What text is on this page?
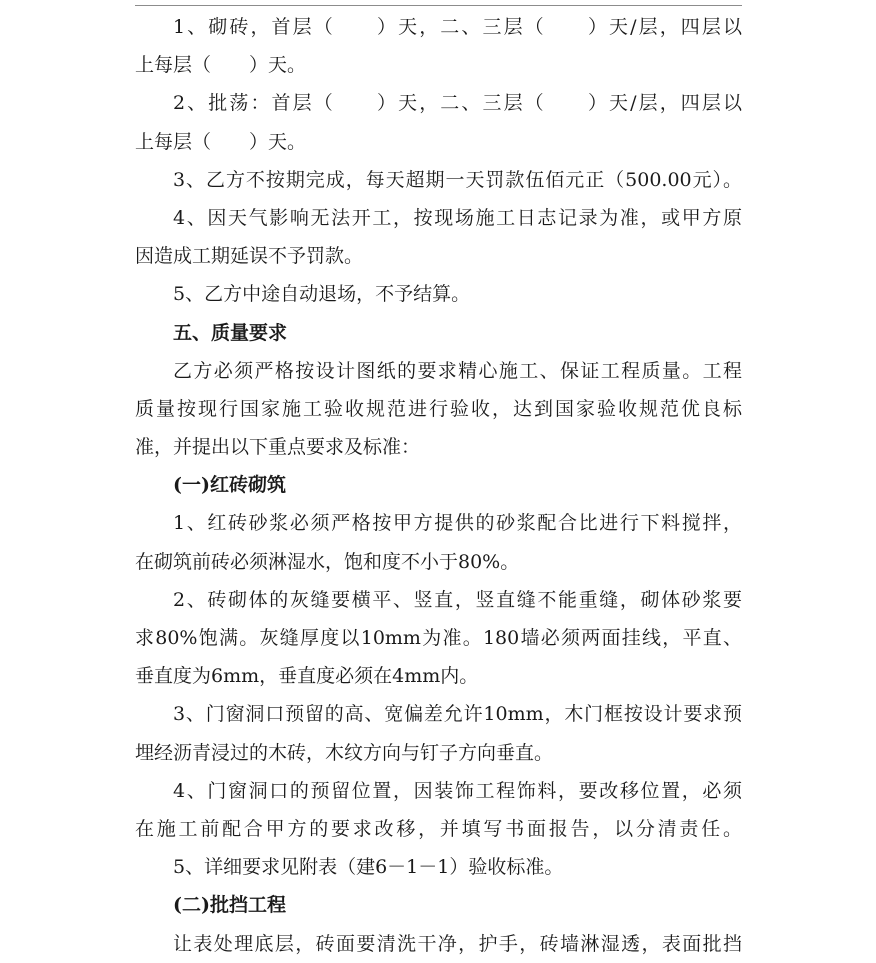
1、砌砖，首层（　　）天，二、三层（　　）天/层，四层以
上每层（　　）天。
2、批荡：首层（　　）天，二、三层（　　）天/层，四层以
上每层（　　）天。
3、乙方不按期完成，每天超期一天罚款伍佰元正（500.00元）。
4、因天气影响无法开工，按现场施工日志记录为准，或甲方原
因造成工期延误不予罚款。
5、乙方中途自动退场，不予结算。
五、质量要求
乙方必须严格按设计图纸的要求精心施工、保证工程质量。工程
质量按现行国家施工验收规范进行验收，达到国家验收规范优良标
准，并提出以下重点要求及标准：
(一)红砖砌筑
1、红砖砂浆必须严格按甲方提供的砂浆配合比进行下料搅拌，
在砌筑前砖必须淋湿水，饱和度不小于80%。
2、砖砌体的灰缝要横平、竖直，竖直缝不能重缝，砌体砂浆要
求80%饱满。灰缝厚度以10mm为准。180墙必须两面挂线，平直、
垂直度为6mm，垂直度必须在4mm内。
3、门窗洞口预留的高、宽偏差允许10mm，木门框按设计要求预
埋经沥青浸过的木砖，木纹方向与钉子方向垂直。
4、门窗洞口的预留位置，因装饰工程饰料，要改移位置，必须
在施工前配合甲方的要求改移，并填写书面报告，以分清责任。
5、详细要求见附表（建6－1－1）验收标准。
(二)批挡工程
让表处理底层，砖面要清洗干净，护手，砖墙淋湿透，表面批挡
